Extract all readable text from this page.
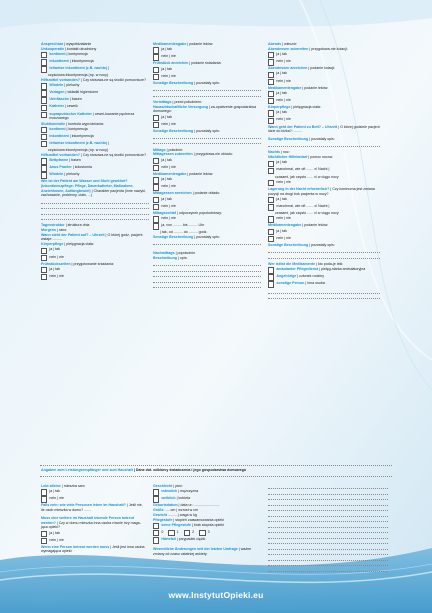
Ansprechbar | wyspółdziałanie
Unkooperativ | kontakt utrudniony
kontinent | kontynencja
inkontinent | inkontynencja
teilweise inkontinent (z.B. nachts) |
częściowa inkontynencja (np. w nocy)
Hilfsmittel vorhanden? | Czy stosowa-ne są środki pomocnicze?
Windeln | pieluchy
Vorlagen | wkładki higieniczne
Urinflasche | basen
Katheter | cewnik
suprapubischer Katheter | cewni-kowanie pęcherza moczowego
Stuhlkontrolle | kontrola wypróżniania:
kontinent | kontynencja
inkontinent | inkontynencja
teilweise inkontinent (z.B. nachts) |
częściowa inkontynencja (np. w nocy)
Hilfsmittel vorhanden? | Czy stosowa-ne są środki pomocnicze?
Bettpfanne | basen
Anus Praeter | kolostomia
Windeln | pieluchy
Wie ist der Patient am Wasser und Stuhl gewöhnt? (Inkontinenzpflege: Pflege, Dauerkatheter, Maßnahme, Anziehhosen, Auffangbeutel) | Charakter pacjenta (inne nawyki, zachowanie, problemy, ciało, ...)
Tagesstruktur | struktura dnia
Morgens | rano:
Wann steht der Patient auf? – Uhrzeit | O której godz. pacjent wstaje: .........
Körperpflege | pielęgnacja ciała:
ja | tak
nein | nie
Frühstückszeiten | przygotowanie śniadania:
ja | tak
nein | nie
Medikamentengabe | podanie leków:
ja | tak
nein | nie
Frühstück anreichen | podanie śniadania:
ja | tak
nein | nie
Sonstige Beschreibung | pozostały opis:
Vormittags | przed południem:
Hauswirtschaftliche Versorgung | za-opatrzenie gospodarstwa domowego:
ja | tak
nein | nie
Sonstige Beschreibung | pozostały opis:
Mittags | południe:
Mittagessen zubereiten | przygotowa-nie obiadu:
ja | tak
nein | nie
Medikamentengabe | podanie leków:
ja | tak
nein | nie
Mittagessen anreichen | podanie obiadu:
ja | tak
nein | nie
Mittagsschlaf | odpoczynek popołudniowy:
nein | nie
ja, von ......... bis ......... Uhr
| tak, od ......... do ......... godz.
Sonstige Beschreibung | pozostały opis:
Nachmittags | popołudnie
Beschreibung | opis:
Abends | wieczór:
Abendessen zubereiten | przygotowa-nie kolacji:
ja | tak
nein | nie
Abendessen anreichen | podanie kolacji:
ja | tak
nein | nie
Medikamentengabe | podanie leków:
ja | tak
nein | nie
Körperpflege | pielęgnacja ciała:
ja | tak
nein | nie
Wann geht der Patient zu Bett? – Uhrzeit | O której godzinie pacjent idzie do łóżka?: ........
Sonstige Beschreibung | pozostały opis:
Nachts | noc:
Nächtlicher Hilfebedarf | pomoc nocna:
ja | tak
manchmal, wie oft ....... x/ Nacht |
czasami, jak często ...... x/ w ciągu nocy
nein | nie
Lagerung in der Nacht erforderlich? | Czy konieczna jest zmiana pozycji na drugi bok pacjenta w nocy?
ja | tak
manchmal, wie oft ....... x/ Nacht |
czasami, jak często ...... x/ w ciągu nocy
nein | nie
Medikamentengabe | podanie leków:
ja | tak
nein | nie
Sonstige Beschreibung | pozostały opis:
Wer ist/ist die Medikamente | kto poda-je leki:
ambulanter Pflegedienst | pielęg-niarka ambulatoryjna
Angehörige | członek rodziny
sonstige Person | inna osoba
Angaben zum Leistungsempfänger und zum Haushalt | Dane dot. odbiorcy świadczenia i jego gospodarstwa domowego
Lebt alleine | mieszka sam
ja | tak
nein | nie
Falls nein: wie viele Personen leben im Haushalt? | Jeśli nie, ile osób mieszka w domu? .......
Muss eine weitere im Haushalt lebende Person betreut werden? | Czy w domu mieszka inna osoba równie trzy maga-jąca opieki?
ja | tak
nein | nie
Wenn eine Person betreut werden muss | Jeśli jest inna osoba wymagająca opieki:
Geschlecht | płeć:
männlich | mężczyzna
weiblich | kobieta
Geburtsdatum | data ur.: .........................
Größe ......cm | wzrost w cm
Gewicht ..........| waga w kg
Pflegestufe | stopień zaawansowania opieki
keine Pflegestufe | brak stopnia opieki
0	1	2	3
Härtefall | przypadek ciężki
Wesentliche Änderungen seit der letzten Umfrage | ważne zmiany od czasu ostatniej ankiety:
www.InstytutOpieki.eu
